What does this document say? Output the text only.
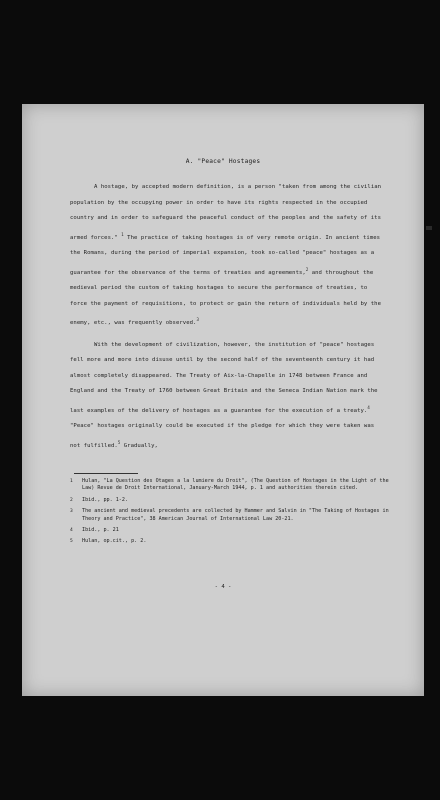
A. "Peace" Hostages

A hostage, by accepted modern definition, is a person "taken from among the civilian population by the occupying power in order to have its rights respected in the occupied country and in order to safeguard the peaceful conduct of the peoples and the safety of its armed forces." $^1$ The practice of taking hostages is of very remote origin. In ancient times the Romans, during the period of imperial expansion, took so-called "peace" hostages as a guarantee for the observance of the terms of treaties and agreements,$^2$ and throughout the medieval period the custom of taking hostages to secure the performance of treaties, to force the payment of requisitions, to protect or gain the return of individuals held by the enemy, etc., was frequently observed.$^3$

With the development of civilization, however, the institution of "peace" hostages fell more and more into disuse until by the second half of the seventeenth century it had almost completely disappeared. The Treaty of Aix-la-Chapelle in 1748 between France and England and the Treaty of 1760 between Great Britain and the Seneca Indian Nation mark the last examples of the delivery of hostages as a guarantee for the execution of a treaty.$^4$ "Peace" hostages originally could be executed if the pledge for which they were taken was not fulfilled.$^5$ Gradually,

1	Hulan, "La Question des Otages a la lumiere du Droit", (The Question of Hostages in the Light of the Law) Revue de Droit International, January-March 1944, p. 1 and authorities therein cited.
2	Ibid., pp. 1-2.
3	The ancient and medieval precedents are collected by Hammer and Salvin in "The Taking of Hostages in Theory and Practice", 38 American Journal of International Law 20-21.
4	Ibid., p. 21
5	Hulan, op.cit., p. 2.
- 4 -
